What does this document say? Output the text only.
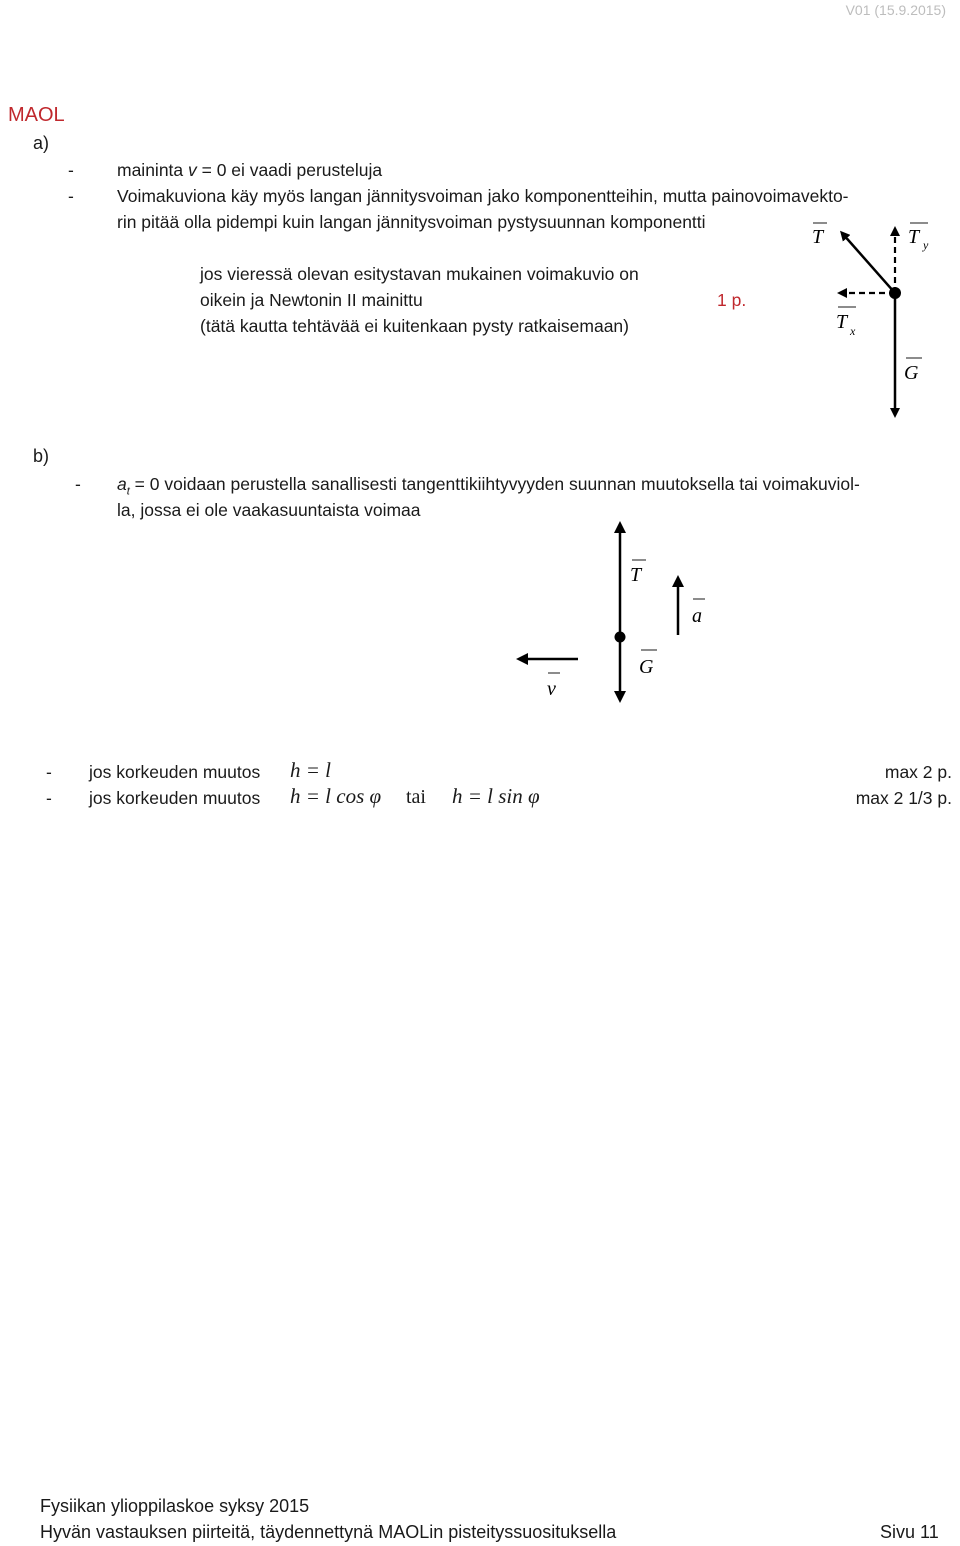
V01 (15.9.2015)
MAOL
a)
- maininta v = 0 ei vaadi perusteluja
- Voimakuviona käy myös langan jännitysvoiman jako komponentteihin, mutta painovoimavekto-
rin pitää olla pidempi kuin langan jännitysvoiman pystysuunnan komponentti
jos vieressä olevan esitystavan mukainen voimakuvio on
oikein ja Newtonin II mainittu	1 p.
(tätä kautta tehtävää ei kuitenkaan pysty ratkaisemaan)
T	T y
T x
G
b)
- $a_t = 0$ voidaan perustella sanallisesti tangenttikiihtyvyyden suunnan muutoksella tai voimakuviol-
la, jossa ei ole vaakasuuntaista voimaa
T
a
G
v
- jos korkeuden muutos h = l	max 2 p.
- jos korkeuden muutos h = l cos φ tai h = l sin φ	max 2 1/3 p.
Fysiikan ylioppilaskoe syksy 2015
Hyvän vastauksen piirteitä, täydennettynä MAOLin pisteityssuosituksella	Sivu 11
